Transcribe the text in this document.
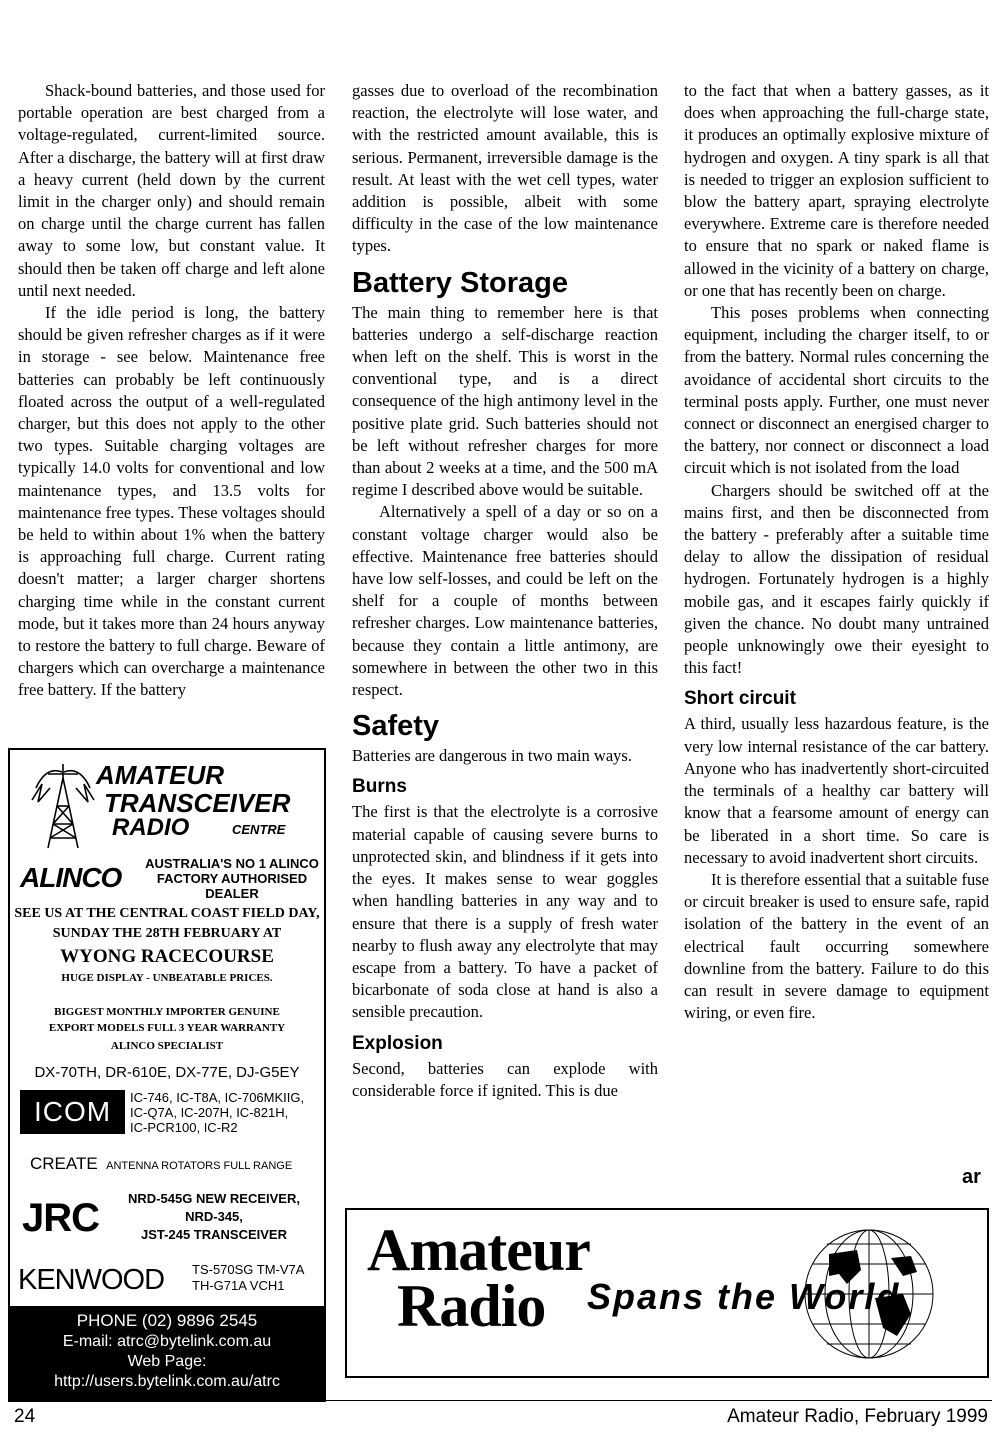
Shack-bound batteries, and those used for portable operation are best charged from a voltage-regulated, current-limited source. After a discharge, the battery will at first draw a heavy current (held down by the current limit in the charger only) and should remain on charge until the charge current has fallen away to some low, but constant value. It should then be taken off charge and left alone until next needed.

If the idle period is long, the battery should be given refresher charges as if it were in storage - see below. Maintenance free batteries can probably be left continuously floated across the output of a well-regulated charger, but this does not apply to the other two types. Suitable charging voltages are typically 14.0 volts for conventional and low maintenance types, and 13.5 volts for maintenance free types. These voltages should be held to within about 1% when the battery is approaching full charge. Current rating doesn't matter; a larger charger shortens charging time while in the constant current mode, but it takes more than 24 hours anyway to restore the battery to full charge. Beware of chargers which can overcharge a maintenance free battery. If the battery

gasses due to overload of the recombination reaction, the electrolyte will lose water, and with the restricted amount available, this is serious. Permanent, irreversible damage is the result. At least with the wet cell types, water addition is possible, albeit with some difficulty in the case of the low maintenance types.

Battery Storage

The main thing to remember here is that batteries undergo a self-discharge reaction when left on the shelf. This is worst in the conventional type, and is a direct consequence of the high antimony level in the positive plate grid. Such batteries should not be left without refresher charges for more than about 2 weeks at a time, and the 500 mA regime I described above would be suitable.

Alternatively a spell of a day or so on a constant voltage charger would also be effective. Maintenance free batteries should have low self-losses, and could be left on the shelf for a couple of months between refresher charges. Low maintenance batteries, because they contain a little antimony, are somewhere in between the other two in this respect.

Safety

Batteries are dangerous in two main ways.

Burns

The first is that the electrolyte is a corrosive material capable of causing severe burns to unprotected skin, and blindness if it gets into the eyes. It makes sense to wear goggles when handling batteries in any way and to ensure that there is a supply of fresh water nearby to flush away any electrolyte that may escape from a battery. To have a packet of bicarbonate of soda close at hand is also a sensible precaution.

Explosion

Second, batteries can explode with considerable force if ignited. This is due

to the fact that when a battery gasses, as it does when approaching the full-charge state, it produces an optimally explosive mixture of hydrogen and oxygen. A tiny spark is all that is needed to trigger an explosion sufficient to blow the battery apart, spraying electrolyte everywhere. Extreme care is therefore needed to ensure that no spark or naked flame is allowed in the vicinity of a battery on charge, or one that has recently been on charge.

This poses problems when connecting equipment, including the charger itself, to or from the battery. Normal rules concerning the avoidance of accidental short circuits to the terminal posts apply. Further, one must never connect or disconnect an energised charger to the battery, nor connect or disconnect a load circuit which is not isolated from the load

Chargers should be switched off at the mains first, and then be disconnected from the battery - preferably after a suitable time delay to allow the dissipation of residual hydrogen. Fortunately hydrogen is a highly mobile gas, and it escapes fairly quickly if given the chance. No doubt many untrained people unknowingly owe their eyesight to this fact!

Short circuit

A third, usually less hazardous feature, is the very low internal resistance of the car battery. Anyone who has inadvertently short-circuited the terminals of a healthy car battery will know that a fearsome amount of energy can be liberated in a short time. So care is necessary to avoid inadvertent short circuits.

It is therefore essential that a suitable fuse or circuit breaker is used to ensure safe, rapid isolation of the battery in the event of an electrical fault occurring somewhere downline from the battery. Failure to do this can result in severe damage to equipment wiring, or even fire.

ar
AMATEUR
TRANSCEIVER
RADIO	CENTRE
ALINCO AUSTRALIA'S NO 1 ALINCO
FACTORY AUTHORISED
DEALER
SEE US AT THE CENTRAL COAST FIELD DAY,
SUNDAY THE 28TH FEBRUARY AT
WYONG RACECOURSE
HUGE DISPLAY - UNBEATABLE PRICES.
BIGGEST MONTHLY IMPORTER GENUINE
EXPORT MODELS FULL 3 YEAR WARRANTY
ALINCO SPECIALIST
DX-70TH, DR-610E, DX-77E, DJ-G5EY
ICOM	IC-746, IC-T8A, IC-706MKIIG,
IC-Q7A, IC-207H, IC-821H,
IC-PCR100, IC-R2
CREATE ANTENNA ROTATORS FULL RANGE
JRC	NRD-545G NEW RECEIVER,
NRD-345,
JST-245 TRANSCEIVER
KENWOOD TS-570SG TM-V7A
TH-G71A VCH1
PHONE (02) 9896 2545
E-mail: atrc@bytelink.com.au
Web Page:
http://users.bytelink.com.au/atrc
Amateur
Radio Spans the World
24	Amateur Radio, February 1999
